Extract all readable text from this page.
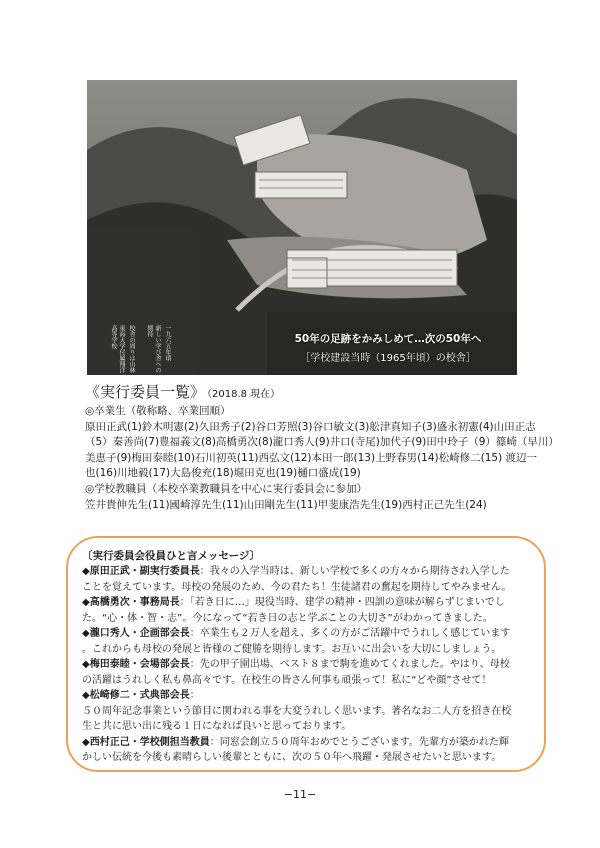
東海大学付属翔洋高等学校	校舎の周りは山林	新しい学び舎への期待	一九六五年頃	50年の足跡をかみしめて…次の50年へ
［学校建設当時（1965年頃）の校舎］
《実行委員一覧》 （2018.8 現在）

◎卒業生（敬称略、卒業回順）

原田正武(1)鈴木明憲(2)久田秀子(2)谷口芳照(3)谷口敏文(3)舩津真知子(3)盛永初憲(4)山田正志

（5）秦善尚(7)豊福義文(8)高橋勇次(8)瀧口秀人(9)井口(寺尾)加代子(9)田中玲子（9）篠崎（早川）

美恵子(9)梅田泰睦(10)石川初英(11)西弘文(12)本田一郎(13)上野春男(14)松崎修二(15) 渡辺一

也(16)川地毅(17)大島俊充(18)堀田克也(19)樋口盛成(19)

◎学校教職員（本校卒業教職員を中心に実行委員会に参加）

笠井貴伸先生(11)國崎淳先生(11)山田剛先生(11)甲斐康浩先生(19)西村正己先生(24)

〔実行委員会役員ひと言メッセージ〕

◆原田正武・副実行委員長：我々の入学当時は、新しい学校で多くの方々から期待され入学した

ことを覚えています。母校の発展のため、今の君たち！生徒諸君の奮起を期待してやみません。

◆高橋勇次・事務局長：「若き日に…」現役当時、建学の精神・四訓の意味が解らずじまいでし

た。“心・体・智・志”。今になって“若き日の志と学ぶことの大切さ”がわかってきました。

◆瀧口秀人・企画部会長：卒業生も２万人を超え、多くの方がご活躍中でうれしく感じています

。これからも母校の発展と皆様のご健勝を期待します。お互いに出会いを大切にしましょう。

◆梅田泰睦・会場部会長：先の甲子園出場、ベスト８まで駒を進めてくれました。やはり、母校

の活躍はうれしく私も鼻高々です。在校生の皆さん何事も頑張って！私に“どや顔”させて！

◆松崎修二・式典部会長：

５０周年記念事業という節目に関われる事を大変うれしく思います。著名なお二人方を招き在校

生と共に思い出に残る１日になれば良いと思っております。

◆西村正己・学校側担当教員：同窓会創立５０周年おめでとうございます。先輩方が築かれた輝

かしい伝統を今後も素晴らしい後輩とともに、次の５０年へ飛躍・発展させたいと思います。

−11−
